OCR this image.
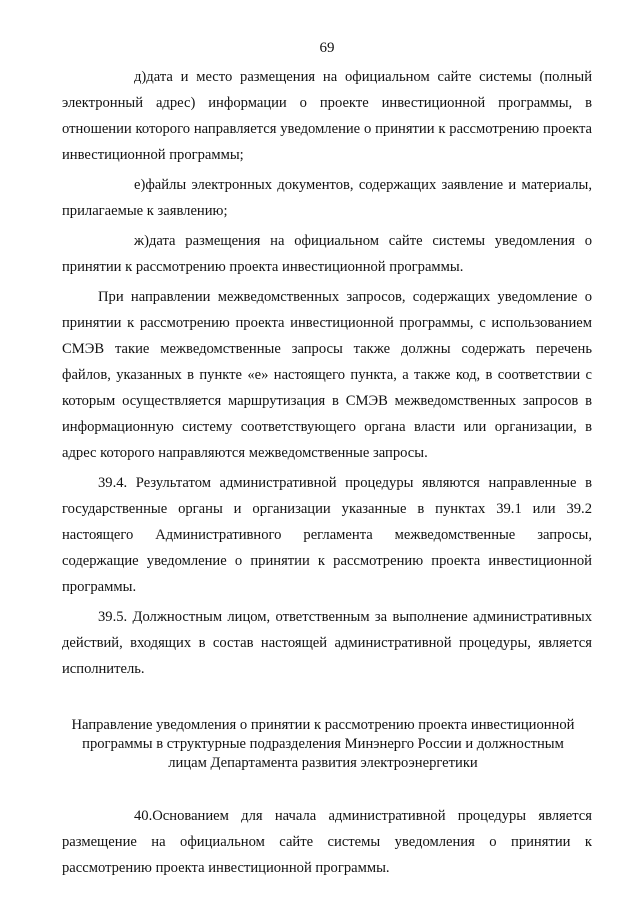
69

д)дата и место размещения на официальном сайте системы (полный электронный адрес) информации о проекте инвестиционной программы, в отношении которого направляется уведомление о принятии к рассмотрению проекта инвестиционной программы;

е)файлы электронных документов, содержащих заявление и материалы, прилагаемые к заявлению;

ж)дата размещения на официальном сайте системы уведомления о принятии к рассмотрению проекта инвестиционной программы.

При направлении межведомственных запросов, содержащих уведомление о принятии к рассмотрению проекта инвестиционной программы, с использованием СМЭВ такие межведомственные запросы также должны содержать перечень файлов, указанных в пункте «е» настоящего пункта, а также код, в соответствии с которым осуществляется маршрутизация в СМЭВ межведомственных запросов в информационную систему соответствующего органа власти или организации, в адрес которого направляются межведомственные запросы.

39.4. Результатом административной процедуры являются направленные в государственные органы и организации указанные в пунктах 39.1 или 39.2 настоящего Административного регламента межведомственные запросы, содержащие уведомление о принятии к рассмотрению проекта инвестиционной программы.

39.5. Должностным лицом, ответственным за выполнение административных действий, входящих в состав настоящей административной процедуры, является исполнитель.

Направление уведомления о принятии к рассмотрению проекта инвестиционной
программы в структурные подразделения Минэнерго России и должностным
лицам Департамента развития электроэнергетики

40.Основанием для начала административной процедуры является размещение на официальном сайте системы уведомления о принятии к рассмотрению проекта инвестиционной программы.
